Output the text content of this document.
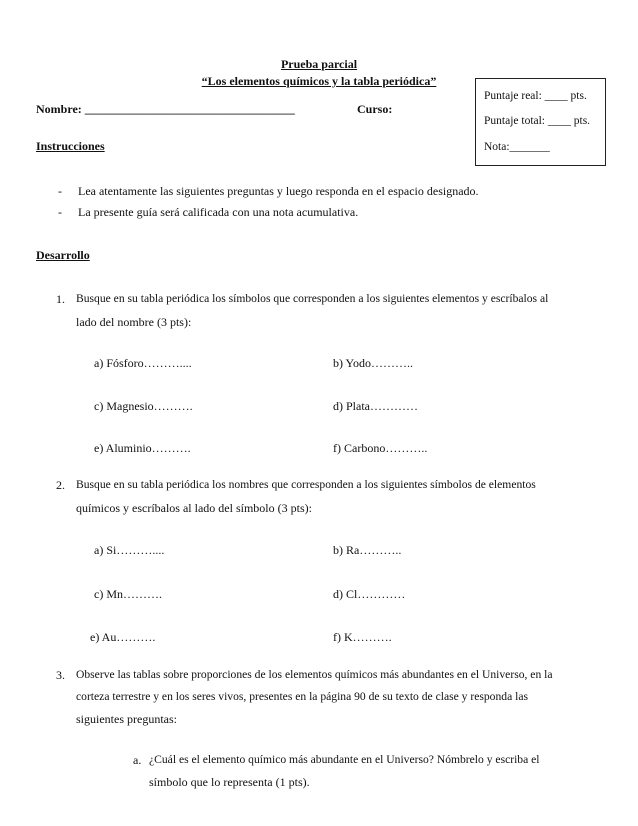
Prueba parcial
“Los elementos químicos y la tabla periódica”
Puntaje real: ____ pts.
Puntaje total: ____ pts.
Nota:_______
Nombre: ___________________________________	Curso:
Instrucciones
- Lea atentamente las siguientes preguntas y luego responda en el espacio designado.
- La presente guía será calificada con una nota acumulativa.
Desarrollo
1. Busque en su tabla periódica los símbolos que corresponden a los siguientes elementos y escríbalos al
lado del nombre (3 pts):
a) Fósforo………....	b) Yodo………..
c) Magnesio……….	d) Plata…………
e) Aluminio……….	f) Carbono………..
2. Busque en su tabla periódica los nombres que corresponden a los siguientes símbolos de elementos
químicos y escríbalos al lado del símbolo (3 pts):
a) Si………....	b) Ra………..
c) Mn……….	d) Cl…………
e) Au……….	f) K……….
3. Observe las tablas sobre proporciones de los elementos químicos más abundantes en el Universo, en la
corteza terrestre y en los seres vivos, presentes en la página 90 de su texto de clase y responda las
siguientes preguntas:
a. ¿Cuál es el elemento químico más abundante en el Universo? Nómbrelo y escriba el
símbolo que lo representa (1 pts).
